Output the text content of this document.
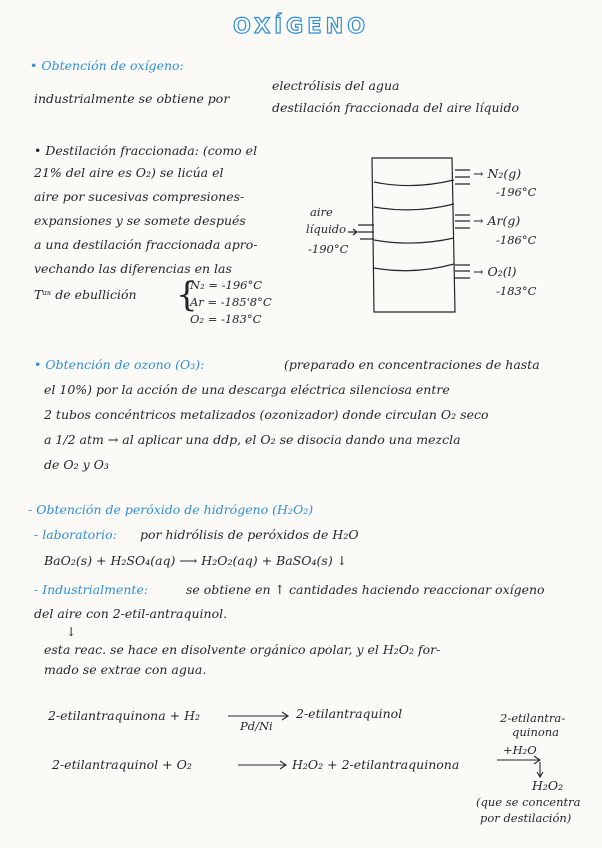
OXÍGENO
• Obtención de oxígeno:
industrialmente se obtiene por
electrólisis del agua
destilación fraccionada del aire líquido
• Destilación fraccionada: (como el
21% del aire es O₂) se licúa el
aire por sucesivas compresiones-
expansiones y se somete después
a una destilación fraccionada apro-
vechando las diferencias en las
Tᵃˢ de ebullición {
N₂ = -196°C
Ar = -185'8°C
O₂ = -183°C
aire
líquido
-190°C
→ N₂(g)
-196°C
→ Ar(g)
-186°C
→ O₂(l)
-183°C
• Obtención de ozono (O₃):	(preparado en concentraciones de hasta
el 10%) por la acción de una descarga eléctrica silenciosa entre
2 tubos concéntricos metalizados (ozonizador) donde circulan O₂ seco
a 1/2 atm → al aplicar una ddp, el O₂ se disocia dando una mezcla
de O₂ y O₃
- Obtención de peróxido de hidrógeno (H₂O₂)
- laboratorio: por hidrólisis de peróxidos de H₂O
BaO₂(s) + H₂SO₄(aq) ⟶ H₂O₂(aq) + BaSO₄(s) ↓
- Industrialmente:	se obtiene en ↑ cantidades haciendo reaccionar oxígeno
del aire con 2-etil-antraquinol.
↓
esta reac. se hace en disolvente orgánico apolar, y el H₂O₂ for-
mado se extrae con agua.
2-etilantraquinona + H₂
Pd/Ni
2-etilantraquinol
2-etilantraquinol + O₂	H₂O₂ + 2-etilantraquinona
2-etilantra-
quinona
+H₂O
H₂O₂
(que se concentra
por destilación)
